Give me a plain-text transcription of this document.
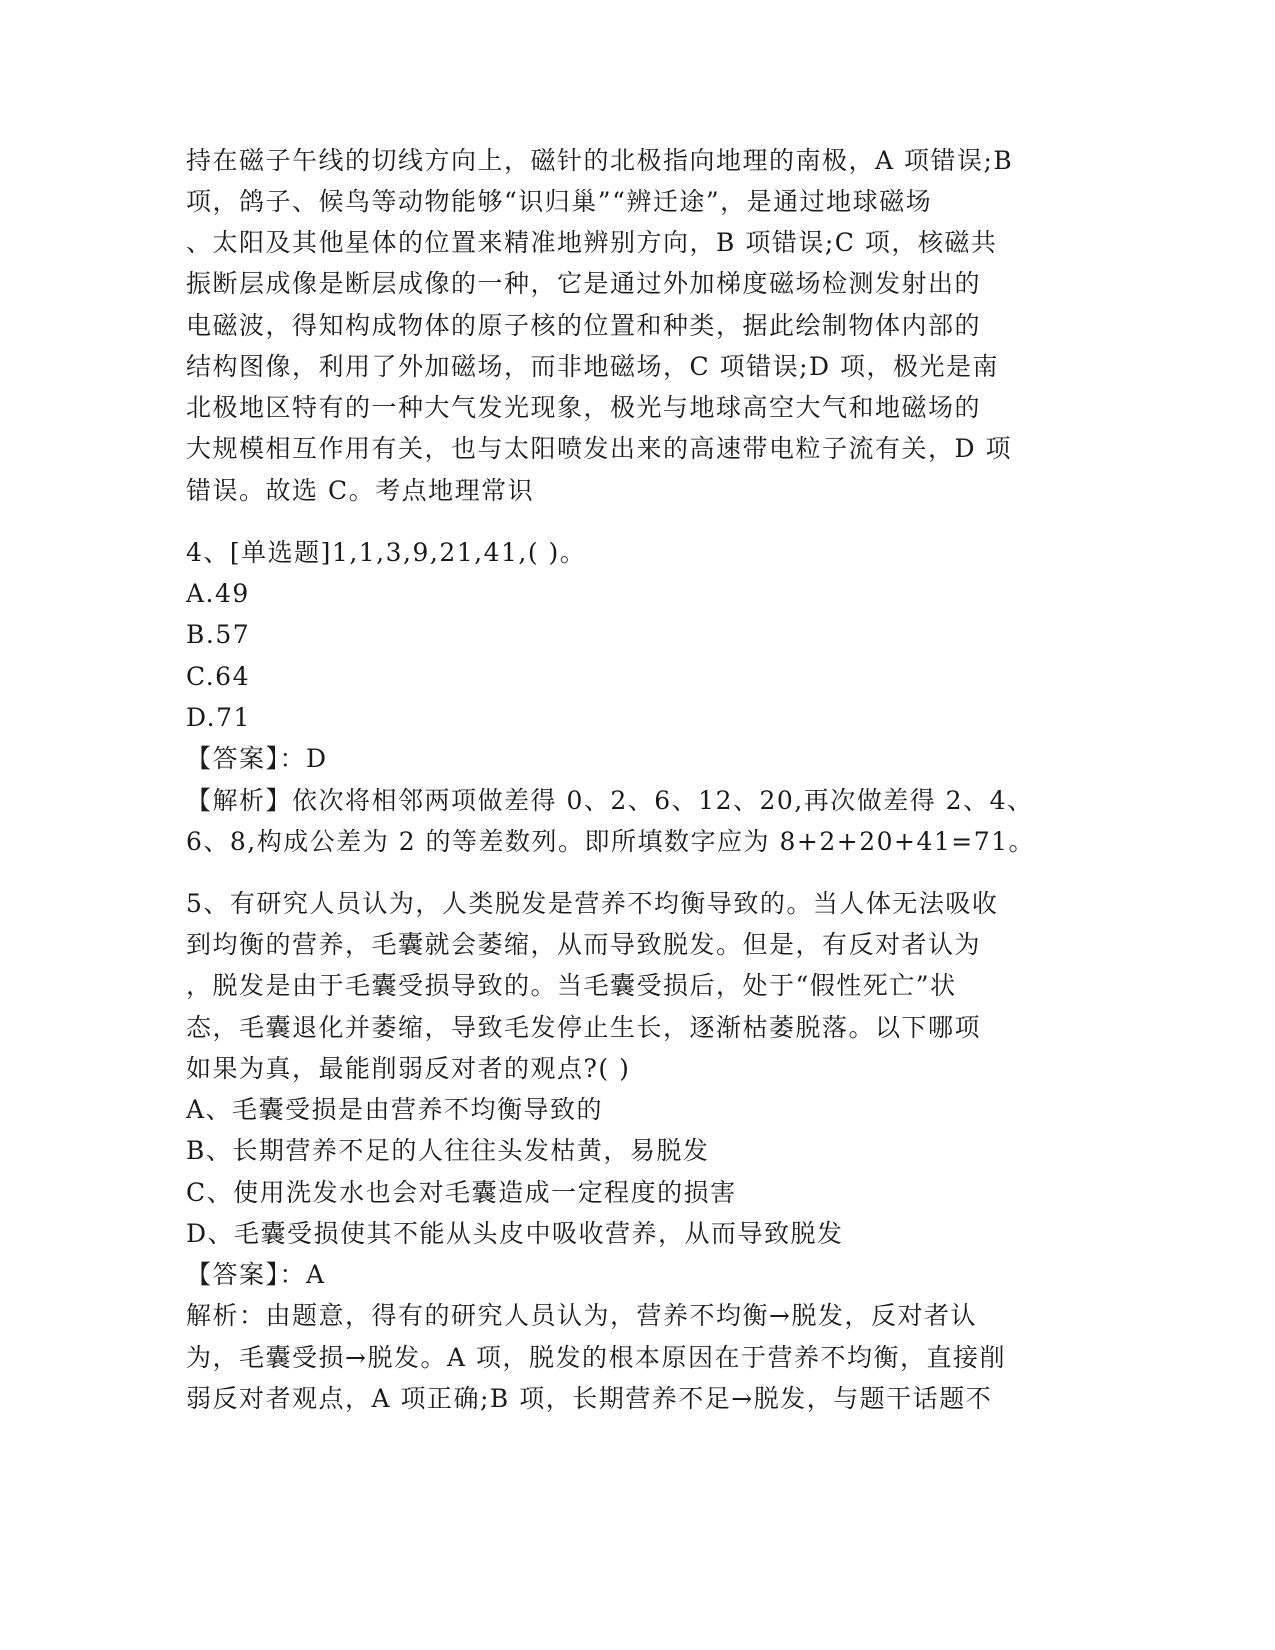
持在磁子午线的切线方向上，磁针的北极指向地理的南极，A 项错误;B
项，鸽子、候鸟等动物能够“识归巢”“辨迁途”，是通过地球磁场
、太阳及其他星体的位置来精准地辨别方向，B 项错误;C 项，核磁共
振断层成像是断层成像的一种，它是通过外加梯度磁场检测发射出的
电磁波，得知构成物体的原子核的位置和种类，据此绘制物体内部的
结构图像，利用了外加磁场，而非地磁场，C 项错误;D 项，极光是南
北极地区特有的一种大气发光现象，极光与地球高空大气和地磁场的
大规模相互作用有关，也与太阳喷发出来的高速带电粒子流有关，D 项
错误。故选 C。考点地理常识
4、[单选题]1,1,3,9,21,41,( )。
A.49
B.57
C.64
D.71
【答案】：D
【解析】依次将相邻两项做差得 0、2、6、12、20,再次做差得 2、4、
6、8,构成公差为 2 的等差数列。即所填数字应为 8+2+20+41=71。
5、有研究人员认为，人类脱发是营养不均衡导致的。当人体无法吸收
到均衡的营养，毛囊就会萎缩，从而导致脱发。但是，有反对者认为
，脱发是由于毛囊受损导致的。当毛囊受损后，处于“假性死亡”状
态，毛囊退化并萎缩，导致毛发停止生长，逐渐枯萎脱落。以下哪项
如果为真，最能削弱反对者的观点?( )
A、毛囊受损是由营养不均衡导致的
B、长期营养不足的人往往头发枯黄，易脱发
C、使用洗发水也会对毛囊造成一定程度的损害
D、毛囊受损使其不能从头皮中吸收营养，从而导致脱发
【答案】：A
解析：由题意，得有的研究人员认为，营养不均衡→脱发，反对者认
为，毛囊受损→脱发。A 项，脱发的根本原因在于营养不均衡，直接削
弱反对者观点，A 项正确;B 项，长期营养不足→脱发，与题干话题不
